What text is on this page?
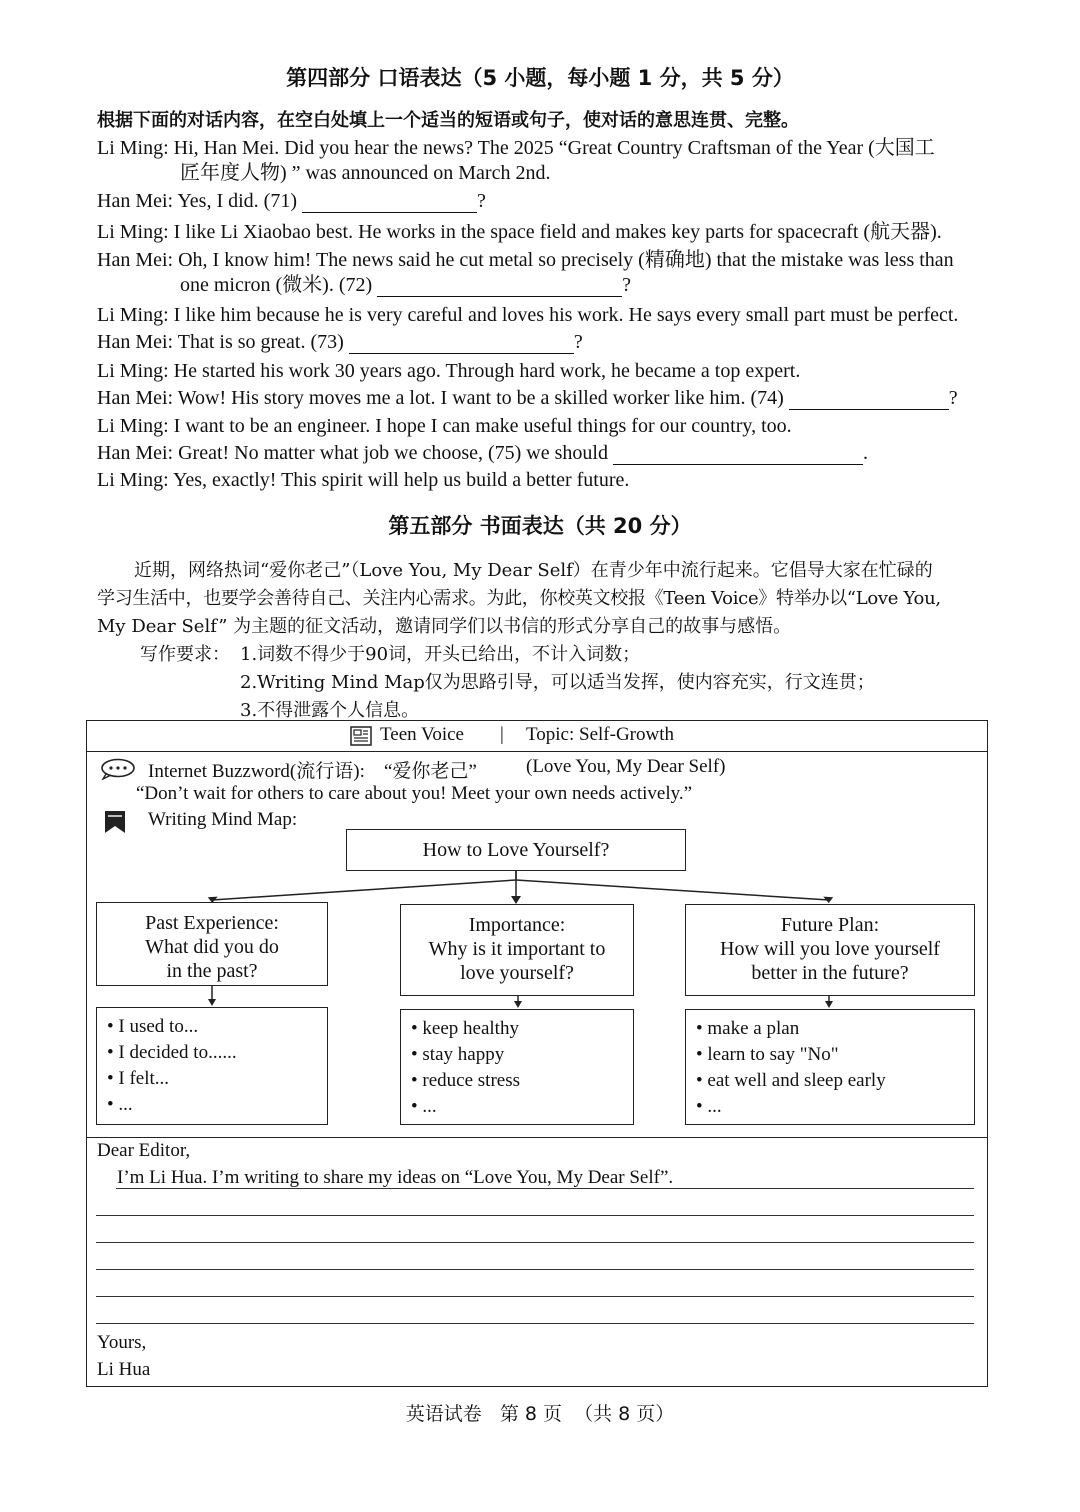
第四部分 口语表达（5 小题，每小题 1 分，共 5 分）
根据下面的对话内容，在空白处填上一个适当的短语或句子，使对话的意思连贯、完整。
Li Ming: Hi, Han Mei. Did you hear the news? The 2025 “Great Country Craftsman of the Year (大国工
匠年度人物) ” was announced on March 2nd.
Han Mei: Yes, I did. (71)	?
Li Ming: I like Li Xiaobao best. He works in the space field and makes key parts for spacecraft (航天器).
Han Mei: Oh, I know him! The news said he cut metal so precisely (精确地) that the mistake was less than
one micron (微米). (72)	?
Li Ming: I like him because he is very careful and loves his work. He says every small part must be perfect.
Han Mei: That is so great. (73)	?
Li Ming: He started his work 30 years ago. Through hard work, he became a top expert.
Han Mei: Wow! His story moves me a lot. I want to be a skilled worker like him. (74)	?
Li Ming: I want to be an engineer. I hope I can make useful things for our country, too.
Han Mei: Great! No matter what job we choose, (75) we should	.
Li Ming: Yes, exactly! This spirit will help us build a better future.
第五部分 书面表达（共 20 分）
近期，网络热词“爱你老己”（Love You, My Dear Self）在青少年中流行起来。它倡导大家在忙碌的
学习生活中，也要学会善待自己、关注内心需求。为此，你校英文校报《Teen Voice》特举办以“Love You,
My Dear Self” 为主题的征文活动，邀请同学们以书信的形式分享自己的故事与感悟。
写作要求： 1.词数不得少于90词，开头已给出，不计入词数；
2.Writing Mind Map仅为思路引导，可以适当发挥，使内容充实，行文连贯；
3.不得泄露个人信息。
Teen Voice | Topic: Self-Growth
Internet Buzzword(流行语): “爱你老己”	(Love You, My Dear Self)
“Don’t wait for others to care about you! Meet your own needs actively.”
Writing Mind Map:
How to Love Yourself?
Past Experience:
What did you do
in the past?
Importance:
Why is it important to
love yourself?
Future Plan:
How will you love yourself
better in the future?
• I used to...
• I decided to......
• I felt...
• ...
• keep healthy
• stay happy
• reduce stress
• ...
• make a plan
• learn to say "No"
• eat well and sleep early
• ...
Dear Editor,
I’m Li Hua. I’m writing to share my ideas on “Love You, My Dear Self”.
Yours,
Li Hua
英语试卷   第 8 页  （共 8 页）
